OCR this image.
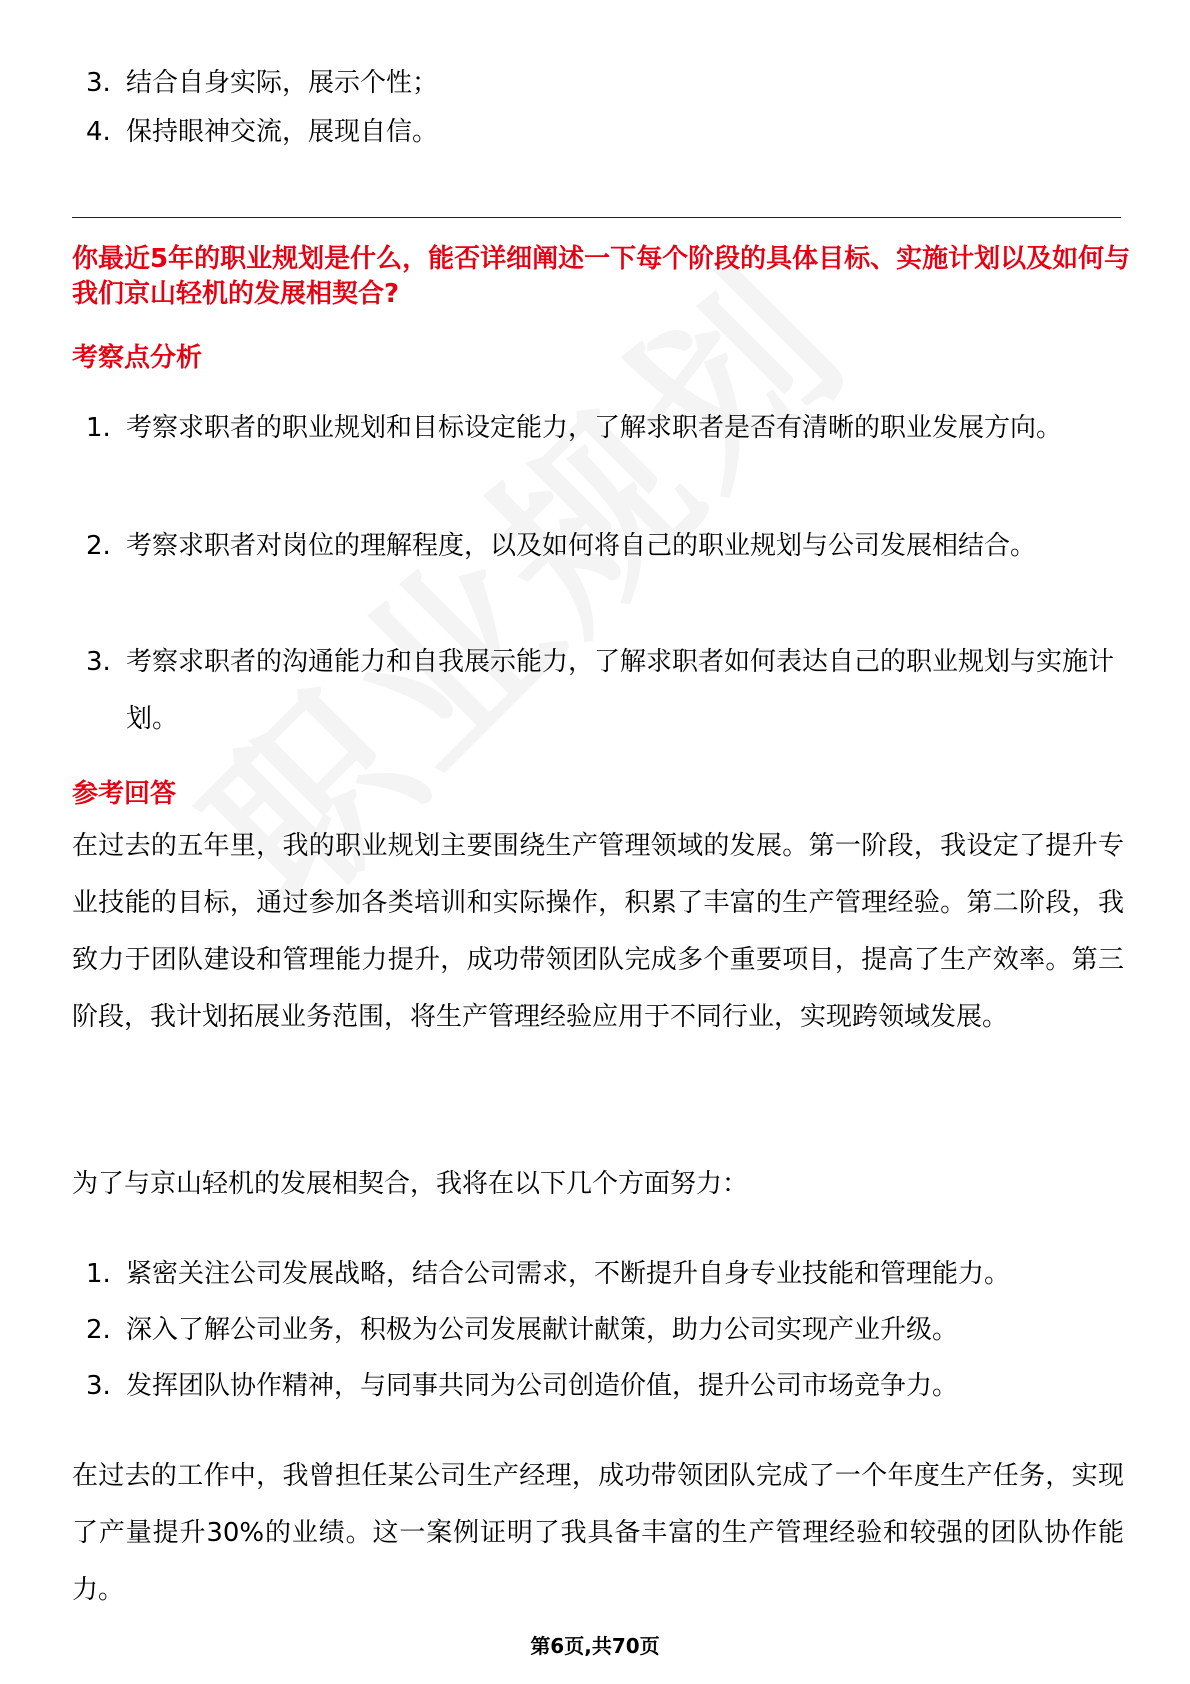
3. 结合自身实际，展示个性；
4. 保持眼神交流，展现自信。
你最近5年的职业规划是什么，能否详细阐述一下每个阶段的具体目标、实施计划以及如何与我们京山轻机的发展相契合?
考察点分析
1. 考察求职者的职业规划和目标设定能力，了解求职者是否有清晰的职业发展方向。
2. 考察求职者对岗位的理解程度，以及如何将自己的职业规划与公司发展相结合。
3. 考察求职者的沟通能力和自我展示能力，了解求职者如何表达自己的职业规划与实施计划。
参考回答

在过去的五年里，我的职业规划主要围绕生产管理领域的发展。第一阶段，我设定了提升专业技能的目标，通过参加各类培训和实际操作，积累了丰富的生产管理经验。第二阶段，我致力于团队建设和管理能力提升，成功带领团队完成多个重要项目，提高了生产效率。第三阶段，我计划拓展业务范围，将生产管理经验应用于不同行业，实现跨领域发展。

为了与京山轻机的发展相契合，我将在以下几个方面努力：

1. 紧密关注公司发展战略，结合公司需求，不断提升自身专业技能和管理能力。
2. 深入了解公司业务，积极为公司发展献计献策，助力公司实现产业升级。
3. 发挥团队协作精神，与同事共同为公司创造价值，提升公司市场竞争力。

在过去的工作中，我曾担任某公司生产经理，成功带领团队完成了一个年度生产任务，实现了产量提升30%的业绩。这一案例证明了我具备丰富的生产管理经验和较强的团队协作能力。

第6页,共70页
